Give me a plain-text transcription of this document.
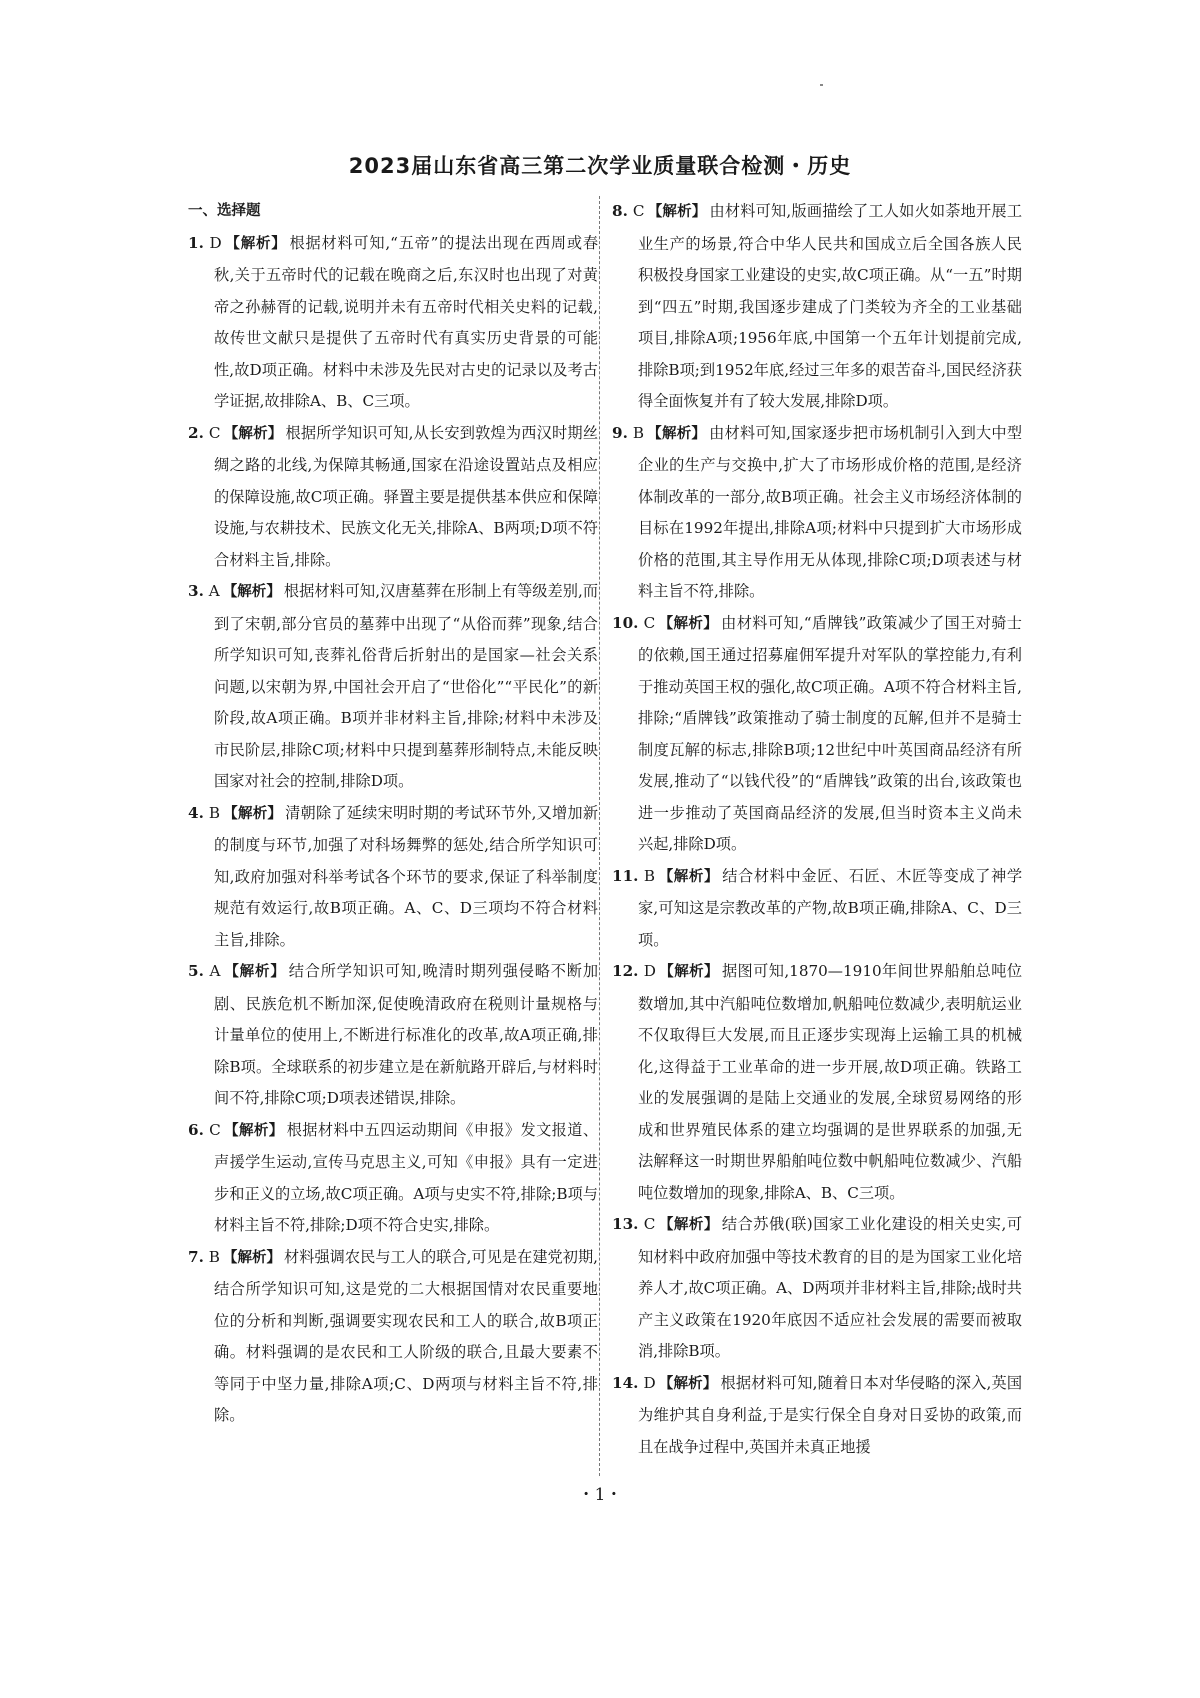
2023届山东省高三第二次学业质量联合检测・历史
一、选择题

1. D 【解析】 根据材料可知,“五帝”的提法出现在西周或春秋,关于五帝时代的记载在晚商之后,东汉时也出现了对黄帝之孙赫胥的记载,说明并未有五帝时代相关史料的记载,故传世文献只是提供了五帝时代有真实历史背景的可能性,故D项正确。材料中未涉及先民对古史的记录以及考古学证据,故排除A、B、C三项。

2. C 【解析】 根据所学知识可知,从长安到敦煌为西汉时期丝绸之路的北线,为保障其畅通,国家在沿途设置站点及相应的保障设施,故C项正确。驿置主要是提供基本供应和保障设施,与农耕技术、民族文化无关,排除A、B两项;D项不符合材料主旨,排除。

3. A 【解析】 根据材料可知,汉唐墓葬在形制上有等级差别,而到了宋朝,部分官员的墓葬中出现了“从俗而葬”现象,结合所学知识可知,丧葬礼俗背后折射出的是国家—社会关系问题,以宋朝为界,中国社会开启了“世俗化”“平民化”的新阶段,故A项正确。B项并非材料主旨,排除;材料中未涉及市民阶层,排除C项;材料中只提到墓葬形制特点,未能反映国家对社会的控制,排除D项。

4. B 【解析】 清朝除了延续宋明时期的考试环节外,又增加新的制度与环节,加强了对科场舞弊的惩处,结合所学知识可知,政府加强对科举考试各个环节的要求,保证了科举制度规范有效运行,故B项正确。A、C、D三项均不符合材料主旨,排除。

5. A 【解析】 结合所学知识可知,晚清时期列强侵略不断加剧、民族危机不断加深,促使晚清政府在税则计量规格与计量单位的使用上,不断进行标准化的改革,故A项正确,排除B项。全球联系的初步建立是在新航路开辟后,与材料时间不符,排除C项;D项表述错误,排除。

6. C 【解析】 根据材料中五四运动期间《申报》发文报道、声援学生运动,宣传马克思主义,可知《申报》具有一定进步和正义的立场,故C项正确。A项与史实不符,排除;B项与材料主旨不符,排除;D项不符合史实,排除。

7. B 【解析】 材料强调农民与工人的联合,可见是在建党初期,结合所学知识可知,这是党的二大根据国情对农民重要地位的分析和判断,强调要实现农民和工人的联合,故B项正确。材料强调的是农民和工人阶级的联合,且最大要素不等同于中坚力量,排除A项;C、D两项与材料主旨不符,排除。

8. C 【解析】 由材料可知,版画描绘了工人如火如荼地开展工业生产的场景,符合中华人民共和国成立后全国各族人民积极投身国家工业建设的史实,故C项正确。从“一五”时期到“四五”时期,我国逐步建成了门类较为齐全的工业基础项目,排除A项;1956年底,中国第一个五年计划提前完成,排除B项;到1952年底,经过三年多的艰苦奋斗,国民经济获得全面恢复并有了较大发展,排除D项。

9. B 【解析】 由材料可知,国家逐步把市场机制引入到大中型企业的生产与交换中,扩大了市场形成价格的范围,是经济体制改革的一部分,故B项正确。社会主义市场经济体制的目标在1992年提出,排除A项;材料中只提到扩大市场形成价格的范围,其主导作用无从体现,排除C项;D项表述与材料主旨不符,排除。

10. C 【解析】 由材料可知,“盾牌钱”政策减少了国王对骑士的依赖,国王通过招募雇佣军提升对军队的掌控能力,有利于推动英国王权的强化,故C项正确。A项不符合材料主旨,排除;“盾牌钱”政策推动了骑士制度的瓦解,但并不是骑士制度瓦解的标志,排除B项;12世纪中叶英国商品经济有所发展,推动了“以钱代役”的“盾牌钱”政策的出台,该政策也进一步推动了英国商品经济的发展,但当时资本主义尚未兴起,排除D项。

11. B 【解析】 结合材料中金匠、石匠、木匠等变成了神学家,可知这是宗教改革的产物,故B项正确,排除A、C、D三项。

12. D 【解析】 据图可知,1870—1910年间世界船舶总吨位数增加,其中汽船吨位数增加,帆船吨位数减少,表明航运业不仅取得巨大发展,而且正逐步实现海上运输工具的机械化,这得益于工业革命的进一步开展,故D项正确。铁路工业的发展强调的是陆上交通业的发展,全球贸易网络的形成和世界殖民体系的建立均强调的是世界联系的加强,无法解释这一时期世界船舶吨位数中帆船吨位数减少、汽船吨位数增加的现象,排除A、B、C三项。

13. C 【解析】 结合苏俄(联)国家工业化建设的相关史实,可知材料中政府加强中等技术教育的目的是为国家工业化培养人才,故C项正确。A、D两项并非材料主旨,排除;战时共产主义政策在1920年底因不适应社会发展的需要而被取消,排除B项。

14. D 【解析】 根据材料可知,随着日本对华侵略的深入,英国为维护其自身利益,于是实行保全自身对日妥协的政策,而且在战争过程中,英国并未真正地援

・1・
